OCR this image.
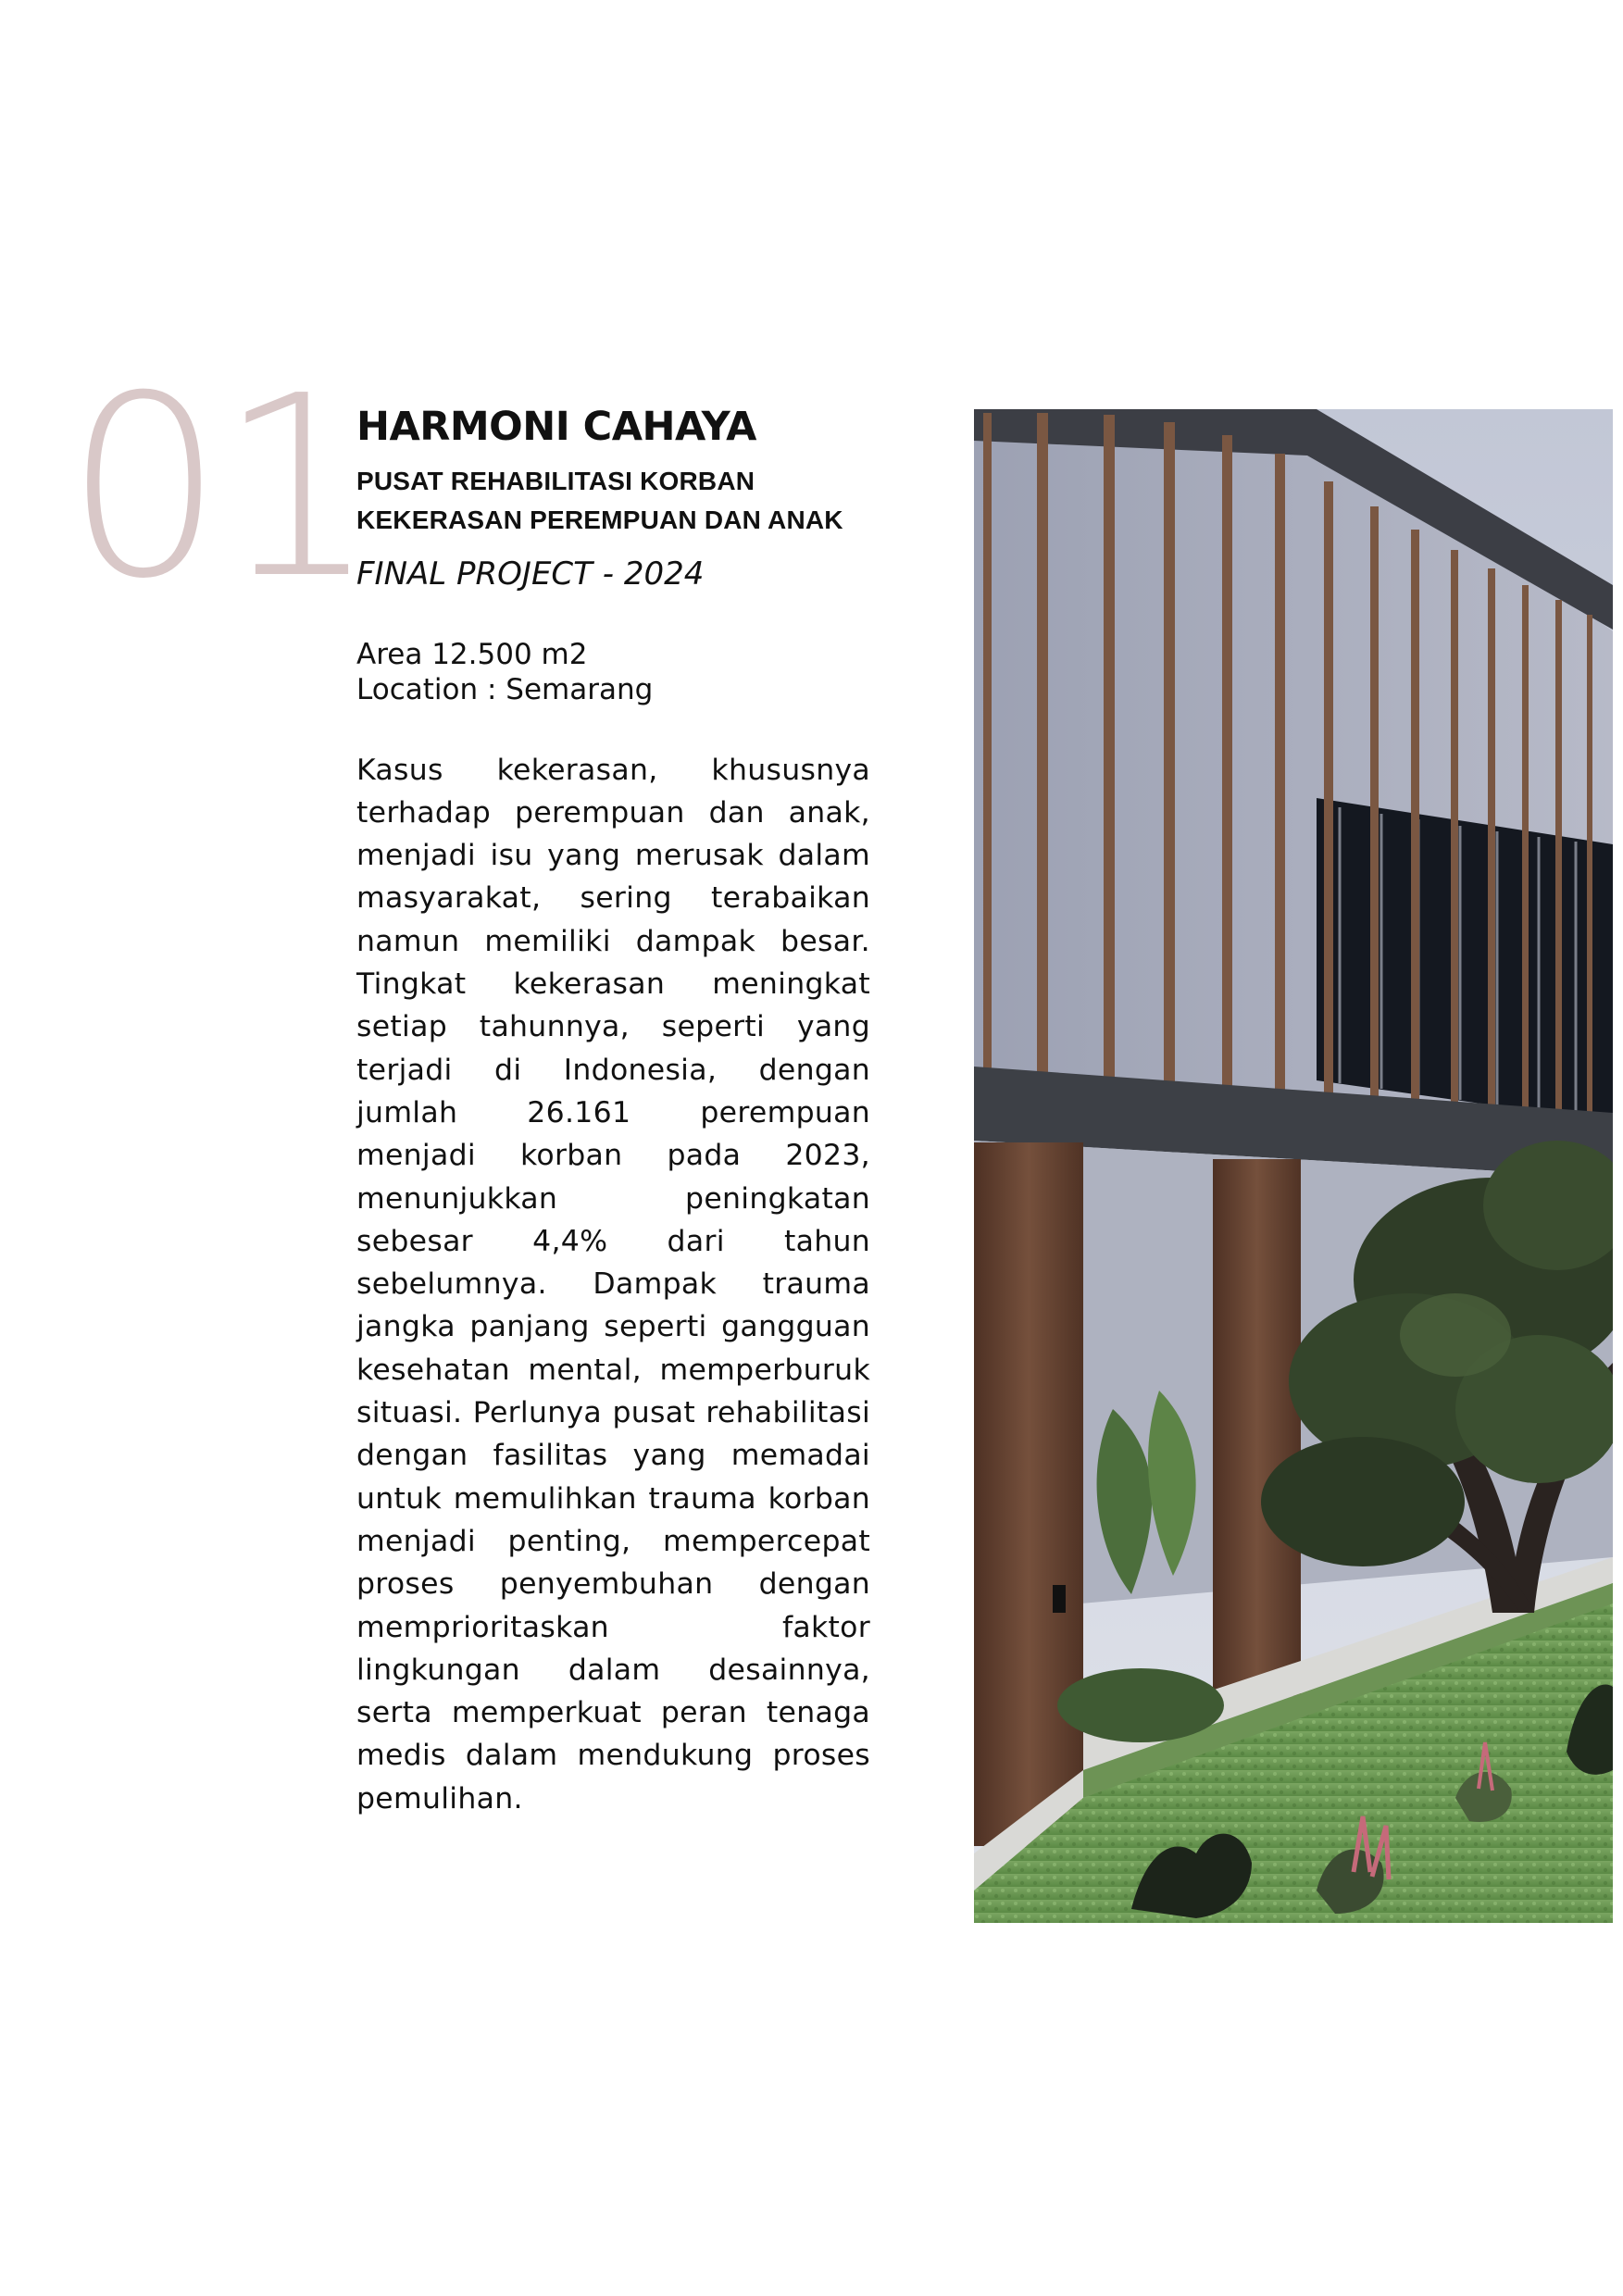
01
HARMONI CAHAYA
PUSAT REHABILITASI KORBAN
KEKERASAN PEREMPUAN DAN ANAK
FINAL PROJECT - 2024
Area 12.500 m2
Location : Semarang

Kasus kekerasan, khususnya terhadap perempuan dan anak, menjadi isu yang merusak dalam masyarakat, sering terabaikan namun memiliki dampak besar. Tingkat kekerasan meningkat setiap tahunnya, seperti yang terjadi di Indonesia, dengan jumlah 26.161 perempuan menjadi korban pada 2023, menunjukkan peningkatan sebesar 4,4% dari tahun sebelumnya. Dampak trauma jangka panjang seperti gangguan kesehatan mental, memperburuk situasi. Perlunya pusat rehabilitasi dengan fasilitas yang memadai untuk memulihkan trauma korban menjadi penting, mempercepat proses penyembuhan dengan memprioritaskan faktor lingkungan dalam desainnya, serta memperkuat peran tenaga medis dalam mendukung proses pemulihan.
